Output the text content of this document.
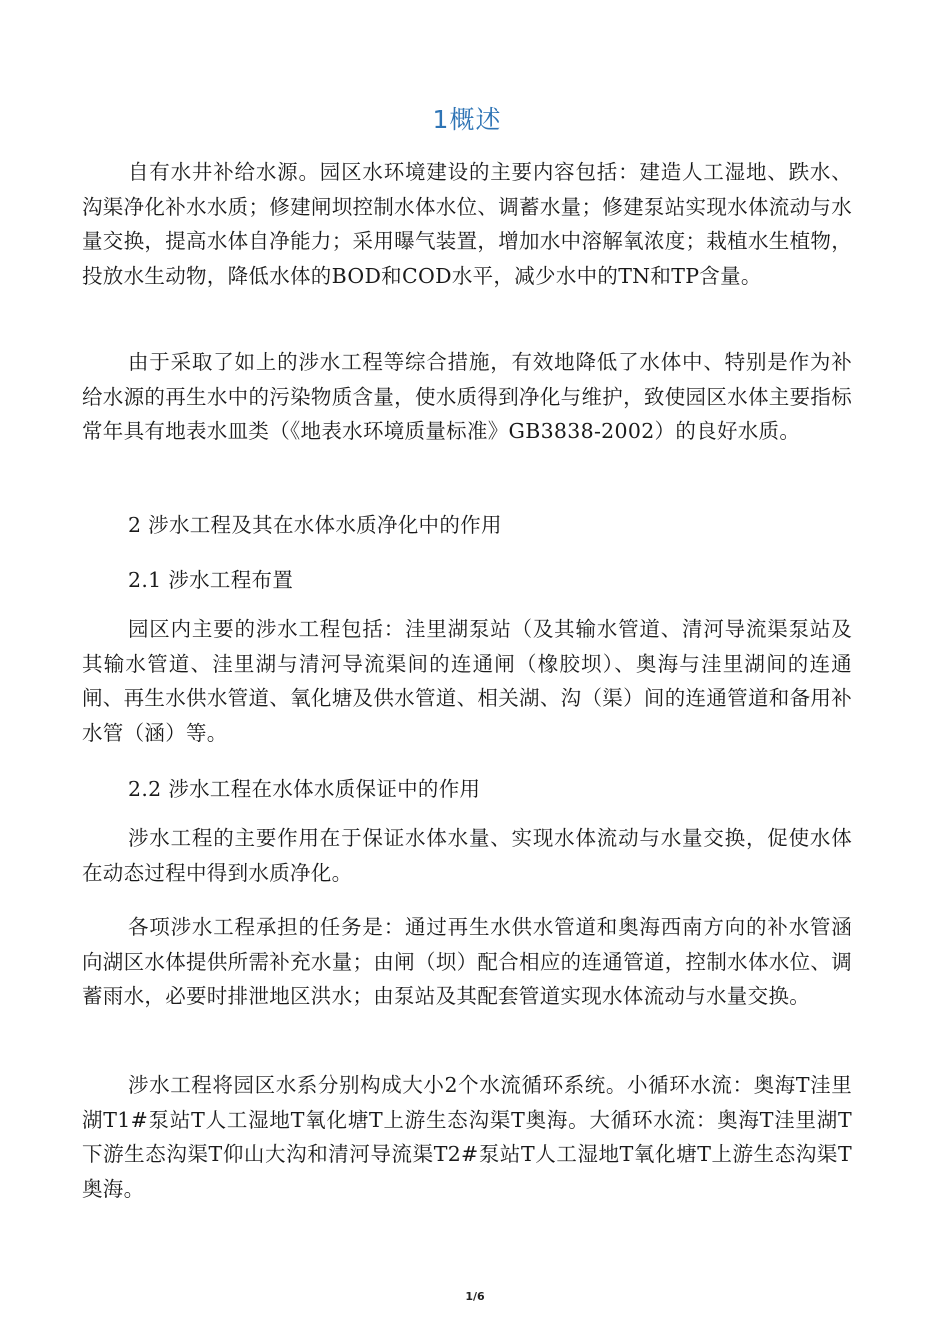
1概述

自有水井补给水源。园区水环境建设的主要内容包括：建造人工湿地、跌水、沟渠净化补水水质；修建闸坝控制水体水位、调蓄水量；修建泵站实现水体流动与水量交换，提高水体自净能力；采用曝气装置，增加水中溶解氧浓度；栽植水生植物，投放水生动物，降低水体的BOD和COD水平，减少水中的TN和TP含量。

由于采取了如上的涉水工程等综合措施，有效地降低了水体中、特别是作为补给水源的再生水中的污染物质含量，使水质得到净化与维护，致使园区水体主要指标常年具有地表水皿类（《地表水环境质量标准》GB3838-2002）的良好水质。

2 涉水工程及其在水体水质净化中的作用

2.1 涉水工程布置

园区内主要的涉水工程包括：洼里湖泵站（及其输水管道、清河导流渠泵站及其输水管道、洼里湖与清河导流渠间的连通闸（橡胶坝）、奥海与洼里湖间的连通闸、再生水供水管道、氧化塘及供水管道、相关湖、沟（渠）间的连通管道和备用补水管（涵）等。

2.2 涉水工程在水体水质保证中的作用

涉水工程的主要作用在于保证水体水量、实现水体流动与水量交换，促使水体在动态过程中得到水质净化。

各项涉水工程承担的任务是：通过再生水供水管道和奥海西南方向的补水管涵向湖区水体提供所需补充水量；由闸（坝）配合相应的连通管道，控制水体水位、调蓄雨水，必要时排泄地区洪水；由泵站及其配套管道实现水体流动与水量交换。

涉水工程将园区水系分别构成大小2个水流循环系统。小循环水流：奥海T洼里湖T1#泵站T人工湿地T氧化塘T上游生态沟渠T奥海。大循环水流：奥海T洼里湖T下游生态沟渠T仰山大沟和清河导流渠T2#泵站T人工湿地T氧化塘T上游生态沟渠T奥海。

1/6
